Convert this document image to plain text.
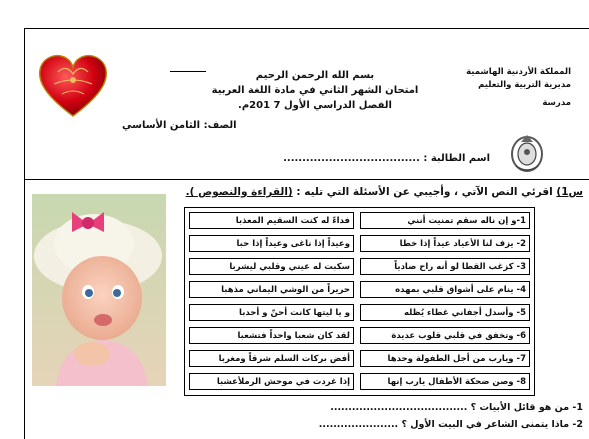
المملكة الأردنية الهاشمية
مديرية التربية والتعليم
مدرسة
بسم الله الرحمن الرحيم
امتحان الشهر الثاني في مادة اللغة العربية
الفصل الدراسي الأول 7 201م.
الصف: الثامن الأساسي
اسم الطالبة : ....................................
س1) اقرئي النص الآتي ، وأجيبي عن الأسئلة التي تليه : (القراءة والنصوص ).
1-و إن ناله سقم تمنيت أنني
فداءً له كنت السقيم المعذبا
2- يزف لنا الأعياد عيداً إذا خطا
وعيداً إذا ناغى وعيداً إذا حبا
3- كزغب القطا لو أنه راح صادياً
سكبت له عيني وقلبي ليشربا
4- ينام على أشواق قلبي بمهده
حريراً من الوشي اليماني مذهبا
5- وأسدل أجفاني غطاء يُظله
و يا ليتها كانت أحنّ و أحدبا
6- وتخفق في قلبي قلوب عديدة
لقد كان شعبا واحداً فتشعبا
7- ويارب من أجل الطفولة وحدها
أفض بركات السلم شرقاً ومغربا
8- وصن ضحكة الأطفال يارب إنها
إذا غردت في موحش الرملأعشبا
1- من هو قائل الأبيات ؟ ......................................
2- ماذا يتمنى الشاعر في البيت الأول ؟ ......................
